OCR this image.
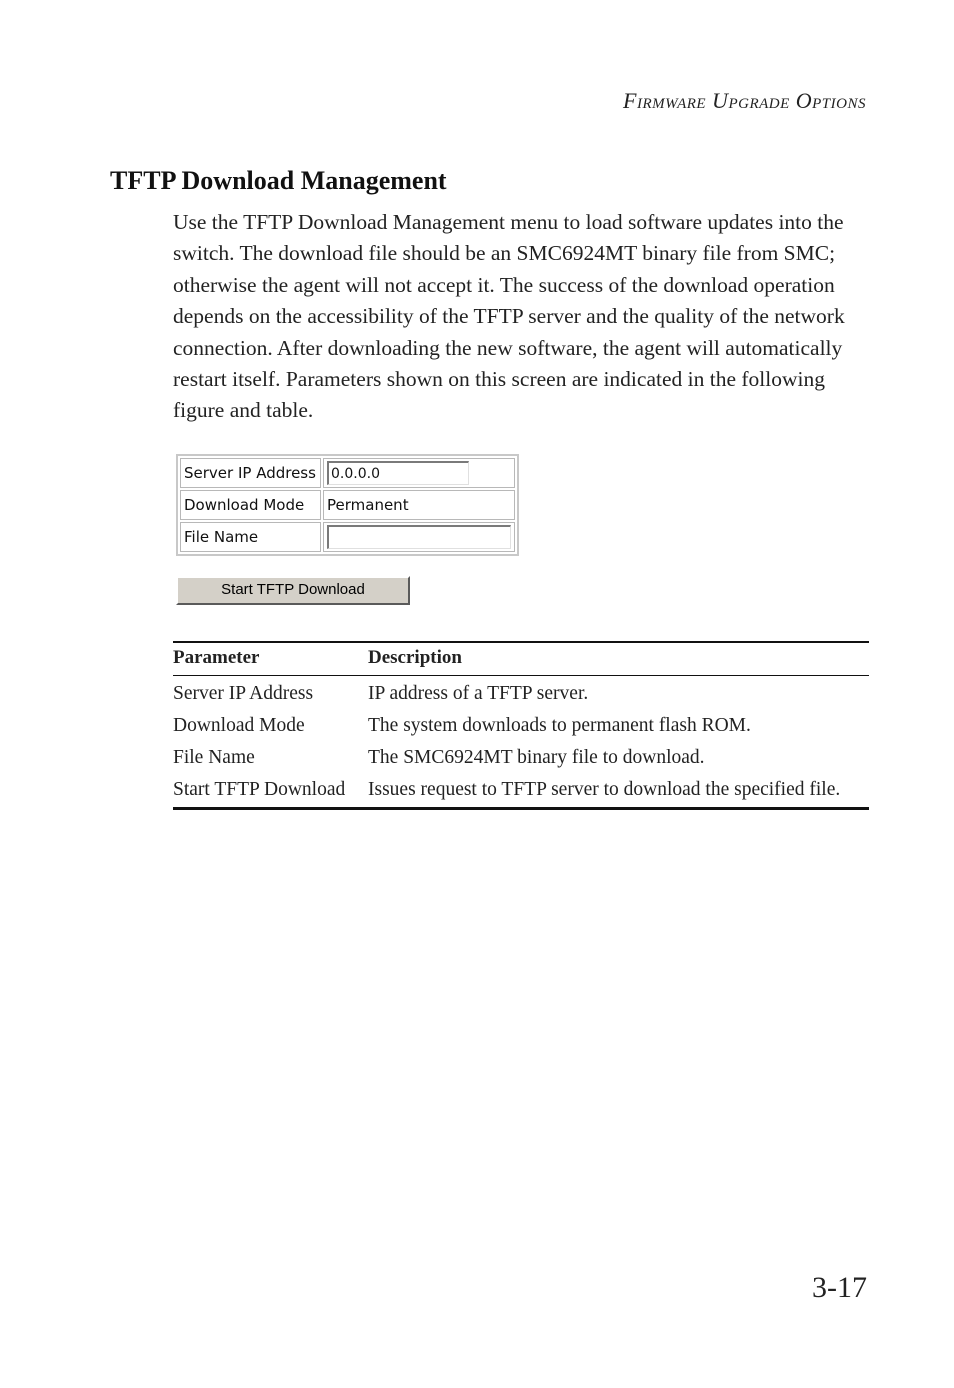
Firmware Upgrade Options
TFTP Download Management

Use the TFTP Download Management menu to load software updates into the switch. The download file should be an SMC6924MT binary file from SMC; otherwise the agent will not accept it. The success of the download operation depends on the accessibility of the TFTP server and the quality of the network connection. After downloading the new software, the agent will automatically restart itself. Parameters shown on this screen are indicated in the following figure and table.

Server IP Address	0.0.0.0
Download Mode	Permanent
File Name	
Start TFTP Download
Parameter	Description
Server IP Address	IP address of a TFTP server.
Download Mode	The system downloads to permanent flash ROM.
File Name	The SMC6924MT binary file to download.
Start TFTP Download	Issues request to TFTP server to download the specified file.
3-17
